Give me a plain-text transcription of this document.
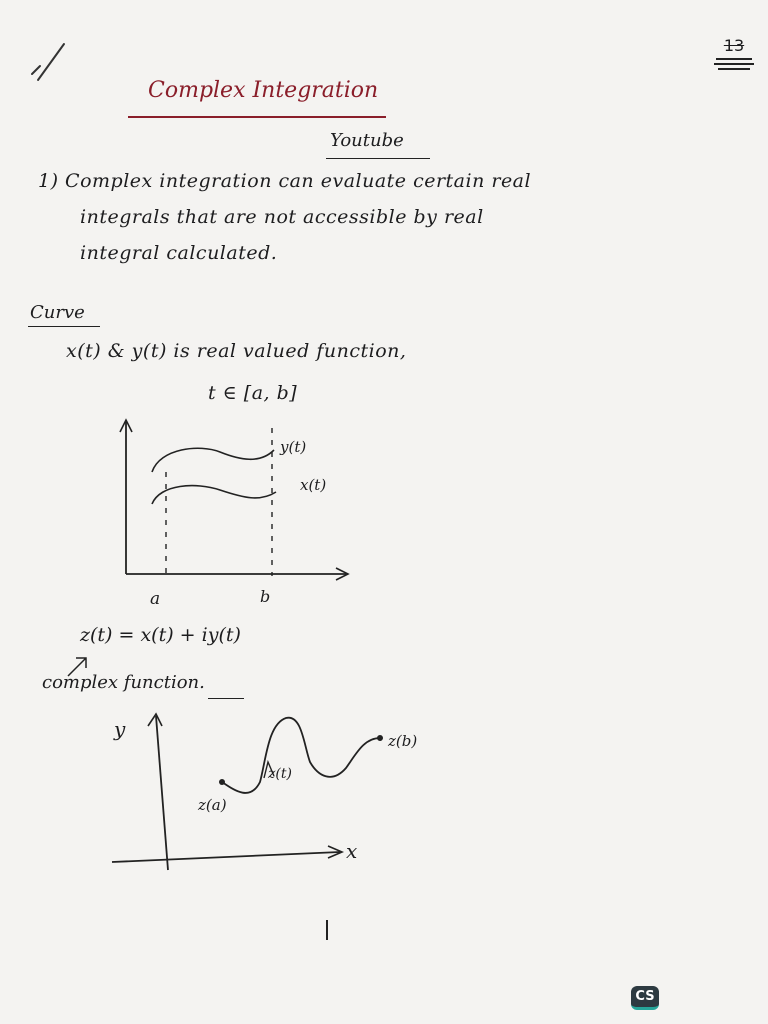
13
Complex Integration
Youtube
1) Complex integration can evaluate certain real
integrals that are not accessible by real
integral calculated.
Curve
x(t) & y(t) is real valued function,
t ∈ [a, b]
y(t)
x(t)
a	b
z(t) = x(t) + iy(t)
complex function.
y
x
z(a)
z(b)
z(t)
CS
